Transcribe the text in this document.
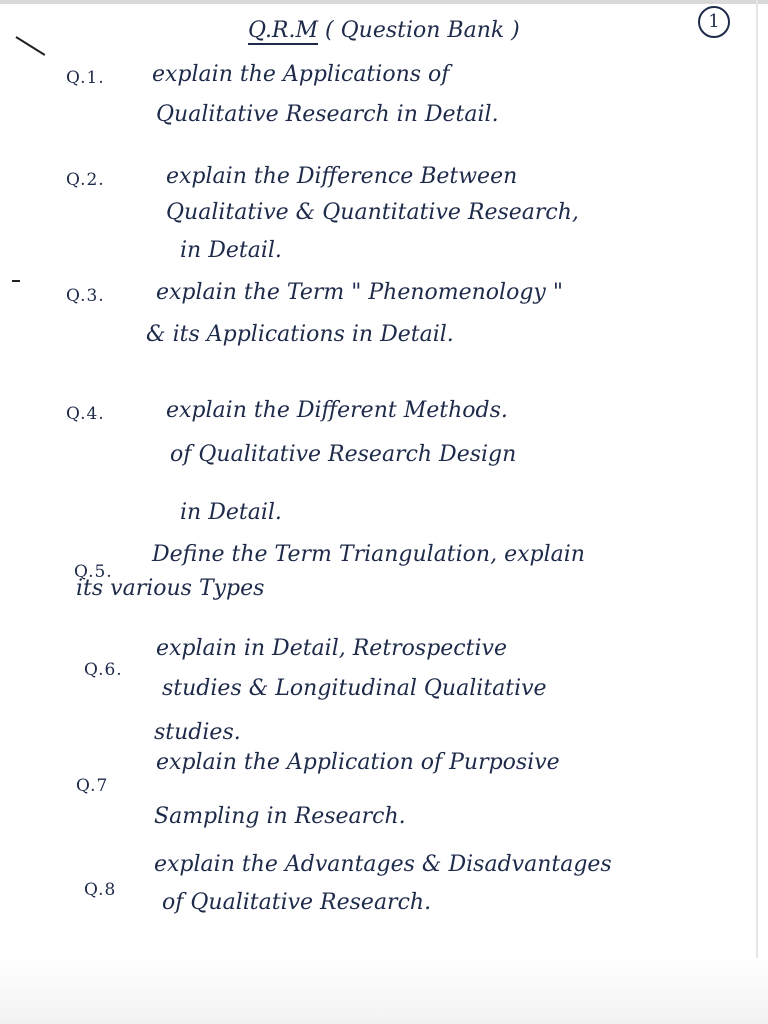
Q.R.M ( Question Bank )	1
Q.1. explain the Applications of
Qualitative Research in Detail.
Q.2.	explain the Difference Between
Qualitative & Quantitative Research,
in Detail.
Q.3. explain the Term " Phenomenology "
& its Applications in Detail.
Q.4.	explain the Different Methods.
of Qualitative Research Design
in Detail.
Q.5.
Define the Term Triangulation, explain
its various Types
Q.6.
explain in Detail, Retrospective
studies & Longitudinal Qualitative
studies.
Q.7
explain the Application of Purposive
Sampling in Research.
Q.8
explain the Advantages & Disadvantages
of Qualitative Research.
